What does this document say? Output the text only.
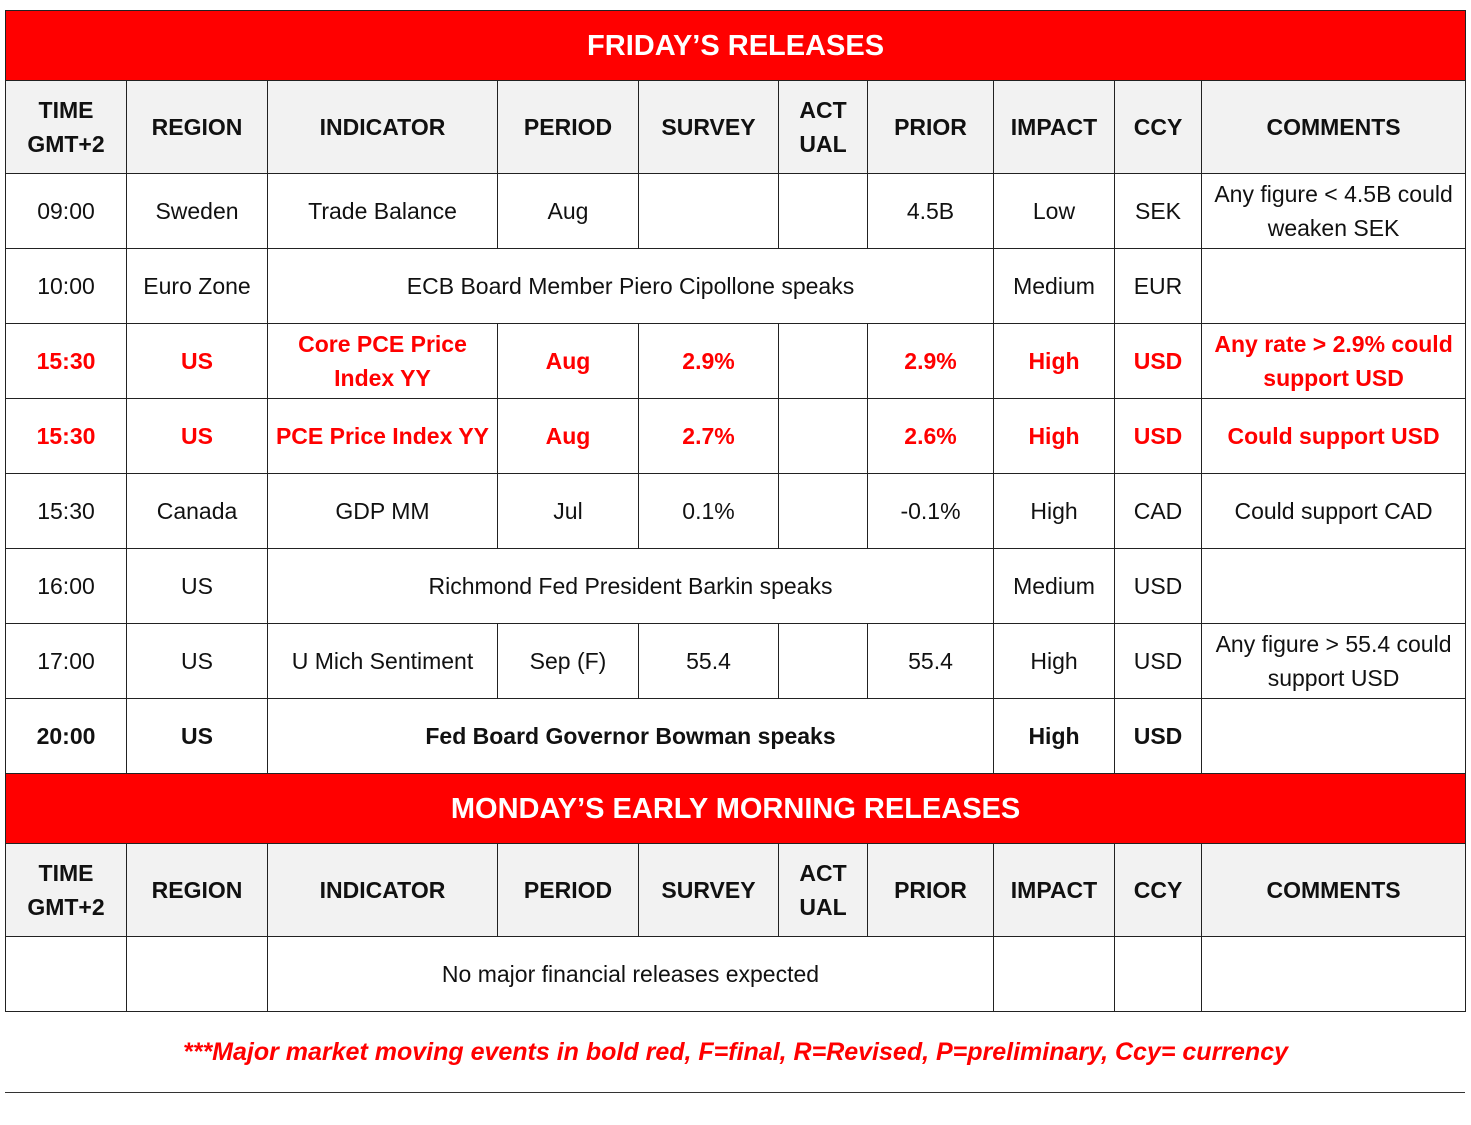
FRIDAY’S RELEASES									
TIME GMT+2	REGION	INDICATOR	PERIOD	SURVEY	ACT UAL	PRIOR	IMPACT	CCY	COMMENTS
09:00	Sweden	Trade Balance	Aug			4.5B	Low	SEK	Any figure < 4.5B could weaken SEK
10:00	Euro Zone	ECB Board Member Piero Cipollone speaks					Medium	EUR	
15:30	US	Core PCE Price Index YY	Aug	2.9%		2.9%	High	USD	Any rate > 2.9% could support USD
15:30	US	PCE Price Index YY	Aug	2.7%		2.6%	High	USD	Could support USD
15:30	Canada	GDP MM	Jul	0.1%		-0.1%	High	CAD	Could support CAD
16:00	US	Richmond Fed President Barkin speaks					Medium	USD	
17:00	US	U Mich Sentiment	Sep (F)	55.4		55.4	High	USD	Any figure > 55.4 could support USD
20:00	US	Fed Board Governor Bowman speaks					High	USD	
MONDAY’S EARLY MORNING RELEASES									
TIME GMT+2	REGION	INDICATOR	PERIOD	SURVEY	ACT UAL	PRIOR	IMPACT	CCY	COMMENTS
		No major financial releases expected							
***Major market moving events in bold red, F=final, R=Revised, P=preliminary, Ccy= currency
